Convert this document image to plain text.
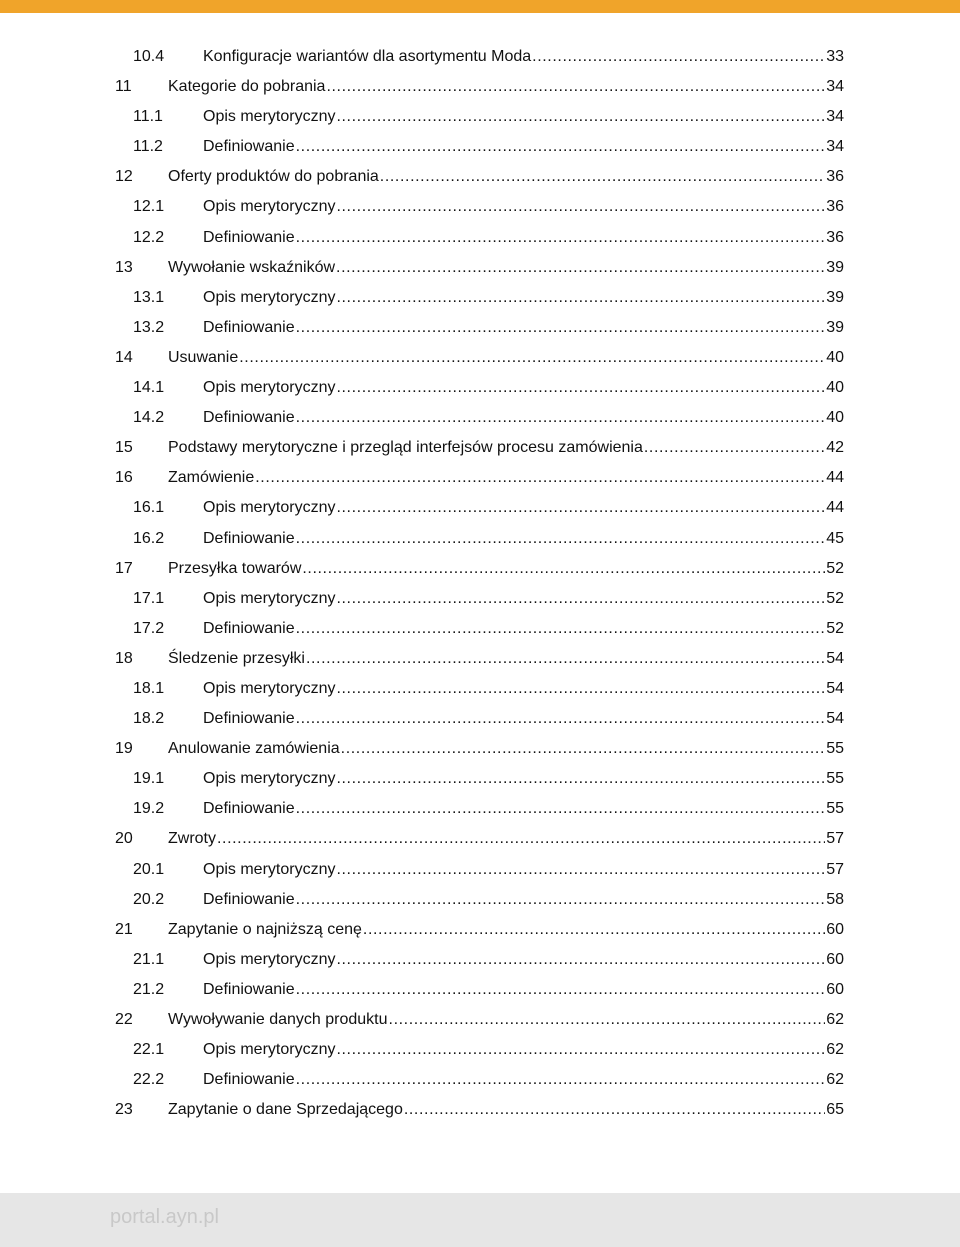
10.4 Konfiguracje wariantów dla asortymentu Moda .....	33
11 Kategorie do pobrania .....	34
11.1	Opis merytoryczny .....	34
11.2	Definiowanie .....	34
12 Oferty produktów do pobrania .....	36
12.1 Opis merytoryczny .....	36
12.2 Definiowanie .....	36
13 Wywołanie wskaźników .....	39
13.1 Opis merytoryczny .....	39
13.2 Definiowanie .....	39
14 Usuwanie .....	40
14.1 Opis merytoryczny .....	40
14.2 Definiowanie .....	40
15 Podstawy merytoryczne i przegląd interfejsów procesu zamówienia .....	42
16 Zamówienie .....	44
16.1 Opis merytoryczny .....	44
16.2 Definiowanie .....	45
17 Przesyłka towarów .....	52
17.1 Opis merytoryczny .....	52
17.2 Definiowanie .....	52
18 Śledzenie przesyłki .....	54
18.1 Opis merytoryczny .....	54
18.2 Definiowanie .....	54
19 Anulowanie zamówienia .....	55
19.1 Opis merytoryczny .....	55
19.2 Definiowanie .....	55
20 Zwroty .....	57
20.1 Opis merytoryczny .....	57
20.2 Definiowanie .....	58
21 Zapytanie o najniższą cenę .....	60
21.1 Opis merytoryczny .....	60
21.2 Definiowanie .....	60
22 Wywoływanie danych produktu .....	62
22.1 Opis merytoryczny .....	62
22.2 Definiowanie .....	62
23 Zapytanie o dane Sprzedającego .....	65
portal.ayn.pl
